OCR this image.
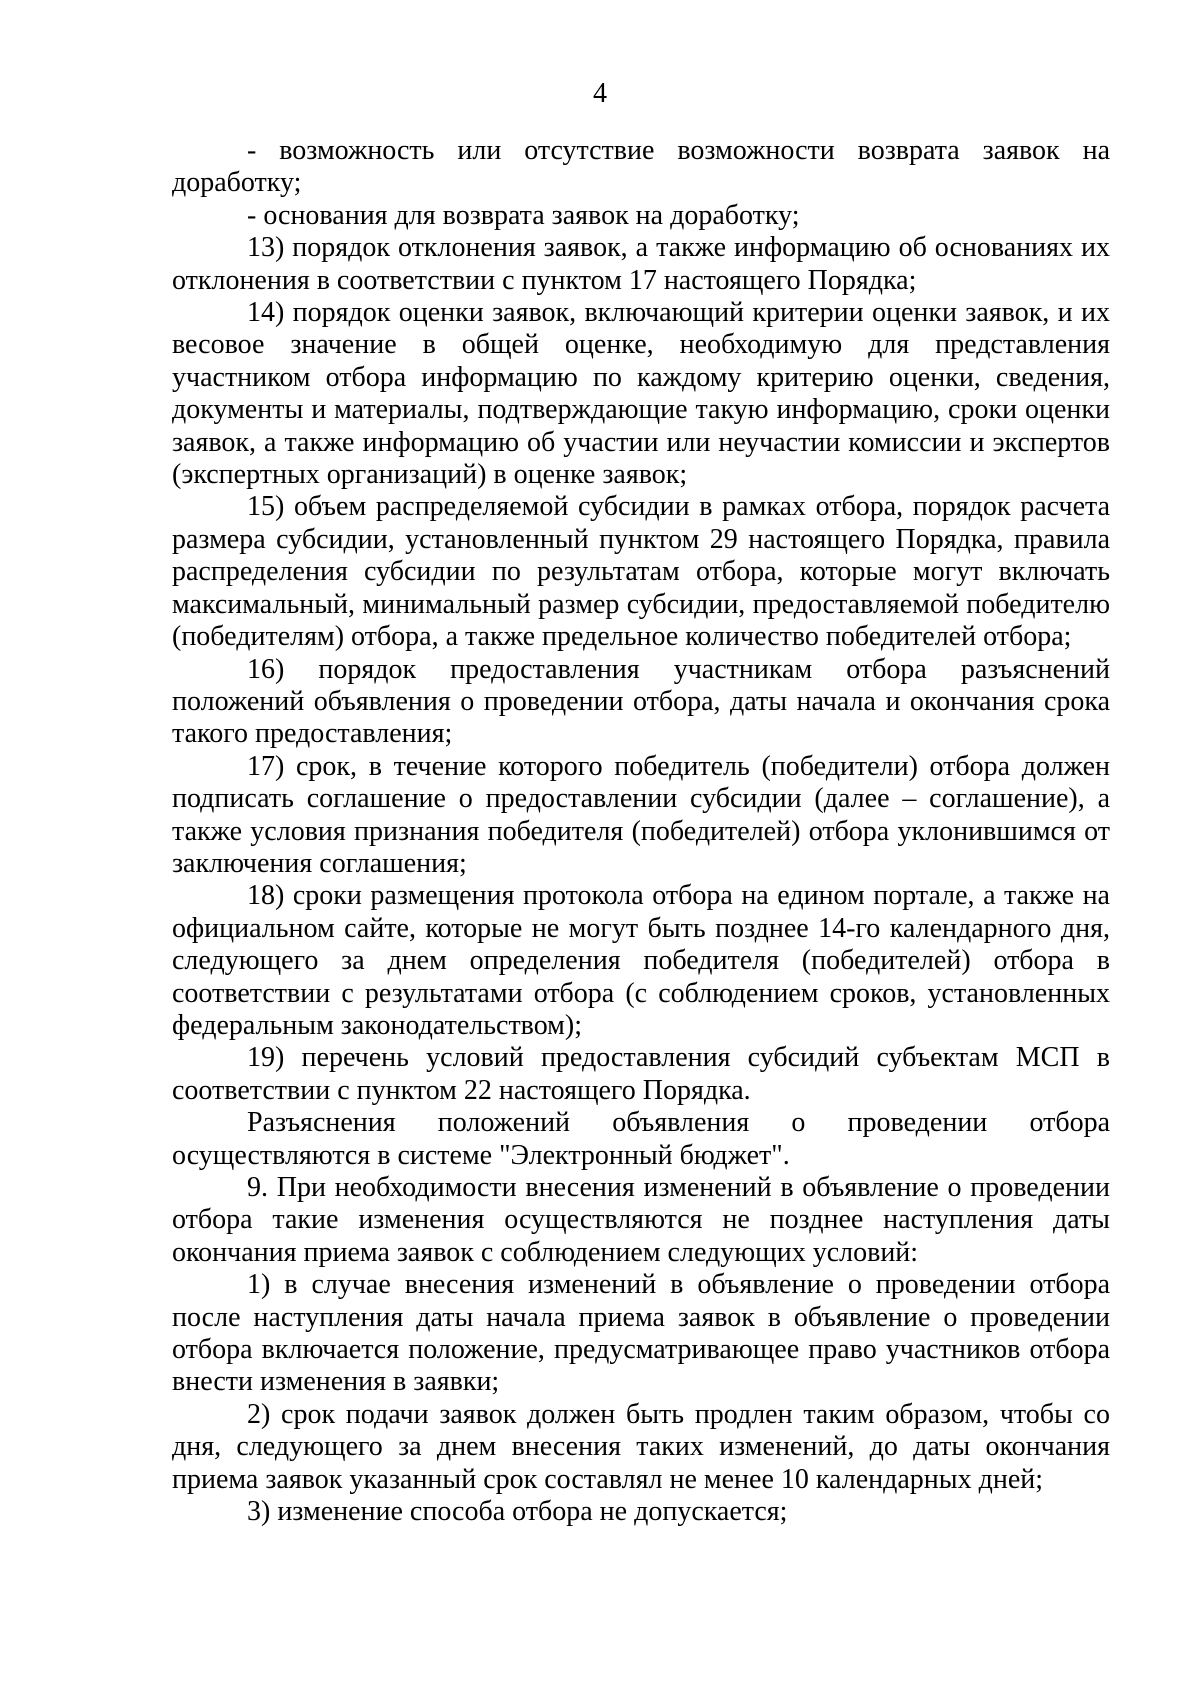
4

- возможность или отсутствие возможности возврата заявок на доработку;

- основания для возврата заявок на доработку;

13) порядок отклонения заявок, а также информацию об основаниях их отклонения в соответствии с пунктом 17 настоящего Порядка;

14) порядок оценки заявок, включающий критерии оценки заявок, и их весовое значение в общей оценке, необходимую для представления участником отбора информацию по каждому критерию оценки, сведения, документы и материалы, подтверждающие такую информацию, сроки оценки заявок, а также информацию об участии или неучастии комиссии и экспертов (экспертных организаций) в оценке заявок;

15) объем распределяемой субсидии в рамках отбора, порядок расчета размера субсидии, установленный пунктом 29 настоящего Порядка, правила распределения субсидии по результатам отбора, которые могут включать максимальный, минимальный размер субсидии, предоставляемой победителю (победителям) отбора, а также предельное количество победителей отбора;

16) порядок предоставления участникам отбора разъяснений положений объявления о проведении отбора, даты начала и окончания срока такого предоставления;

17) срок, в течение которого победитель (победители) отбора должен подписать соглашение о предоставлении субсидии (далее – соглашение), а также условия признания победителя (победителей) отбора уклонившимся от заключения соглашения;

18) сроки размещения протокола отбора на едином портале, а также на официальном сайте, которые не могут быть позднее 14-го календарного дня, следующего за днем определения победителя (победителей) отбора в соответствии с результатами отбора (с соблюдением сроков, установленных федеральным законодательством);

19) перечень условий предоставления субсидий субъектам МСП в соответствии с пунктом 22 настоящего Порядка.

Разъяснения положений объявления о проведении отбора осуществляются в системе "Электронный бюджет".

9. При необходимости внесения изменений в объявление о проведении отбора такие изменения осуществляются не позднее наступления даты окончания приема заявок с соблюдением следующих условий:

1) в случае внесения изменений в объявление о проведении отбора после наступления даты начала приема заявок в объявление о проведении отбора включается положение, предусматривающее право участников отбора внести изменения в заявки;

2) срок подачи заявок должен быть продлен таким образом, чтобы со дня, следующего за днем внесения таких изменений, до даты окончания приема заявок указанный срок составлял не менее 10 календарных дней;

3) изменение способа отбора не допускается;
